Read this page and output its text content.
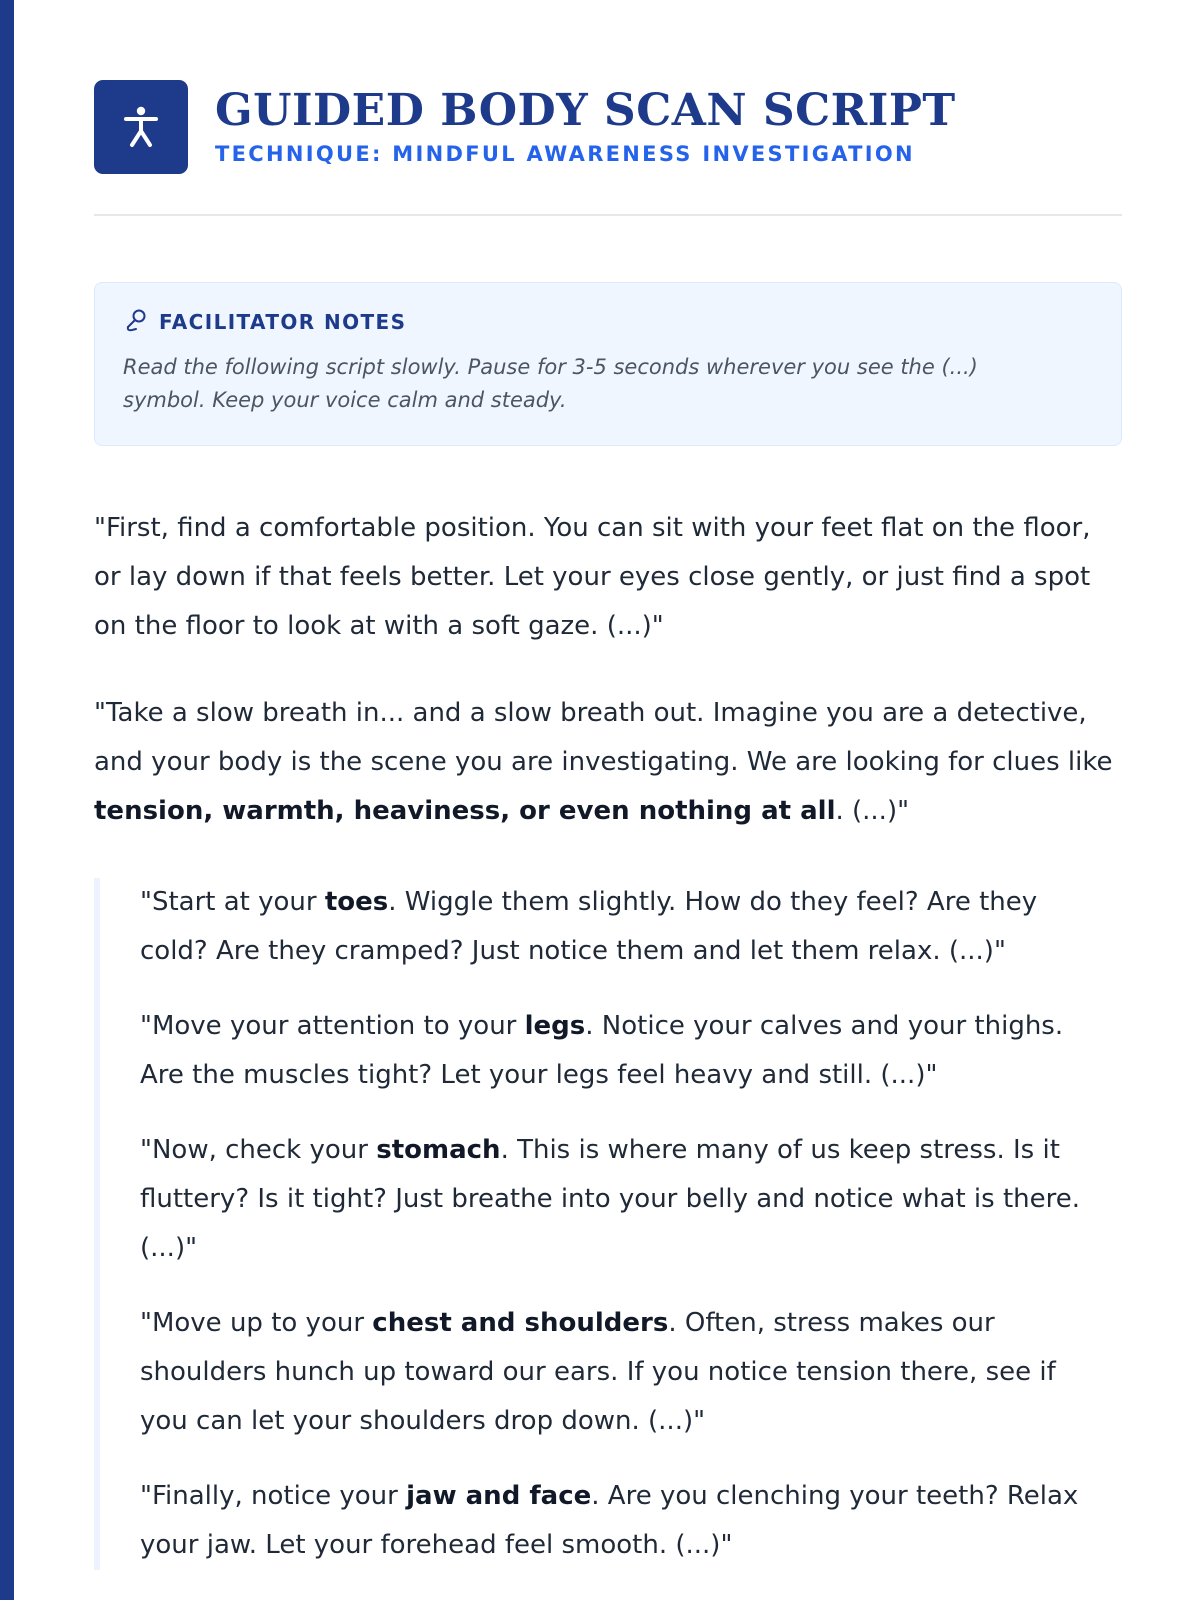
GUIDED BODY SCAN SCRIPT
TECHNIQUE: MINDFUL AWARENESS INVESTIGATION
FACILITATOR NOTES
Read the following script slowly. Pause for 3-5 seconds wherever you see the (...) symbol. Keep your voice calm and steady.

"First, find a comfortable position. You can sit with your feet flat on the floor, or lay down if that feels better. Let your eyes close gently, or just find a spot on the floor to look at with a soft gaze. (...)"

"Take a slow breath in... and a slow breath out. Imagine you are a detective, and your body is the scene you are investigating. We are looking for clues like tension, warmth, heaviness, or even nothing at all. (...)"

"Start at your toes. Wiggle them slightly. How do they feel? Are they cold? Are they cramped? Just notice them and let them relax. (...)"

"Move your attention to your legs. Notice your calves and your thighs. Are the muscles tight? Let your legs feel heavy and still. (...)"

"Now, check your stomach. This is where many of us keep stress. Is it fluttery? Is it tight? Just breathe into your belly and notice what is there. (...)"

"Move up to your chest and shoulders. Often, stress makes our shoulders hunch up toward our ears. If you notice tension there, see if you can let your shoulders drop down. (...)"

"Finally, notice your jaw and face. Are you clenching your teeth? Relax your jaw. Let your forehead feel smooth. (...)"
